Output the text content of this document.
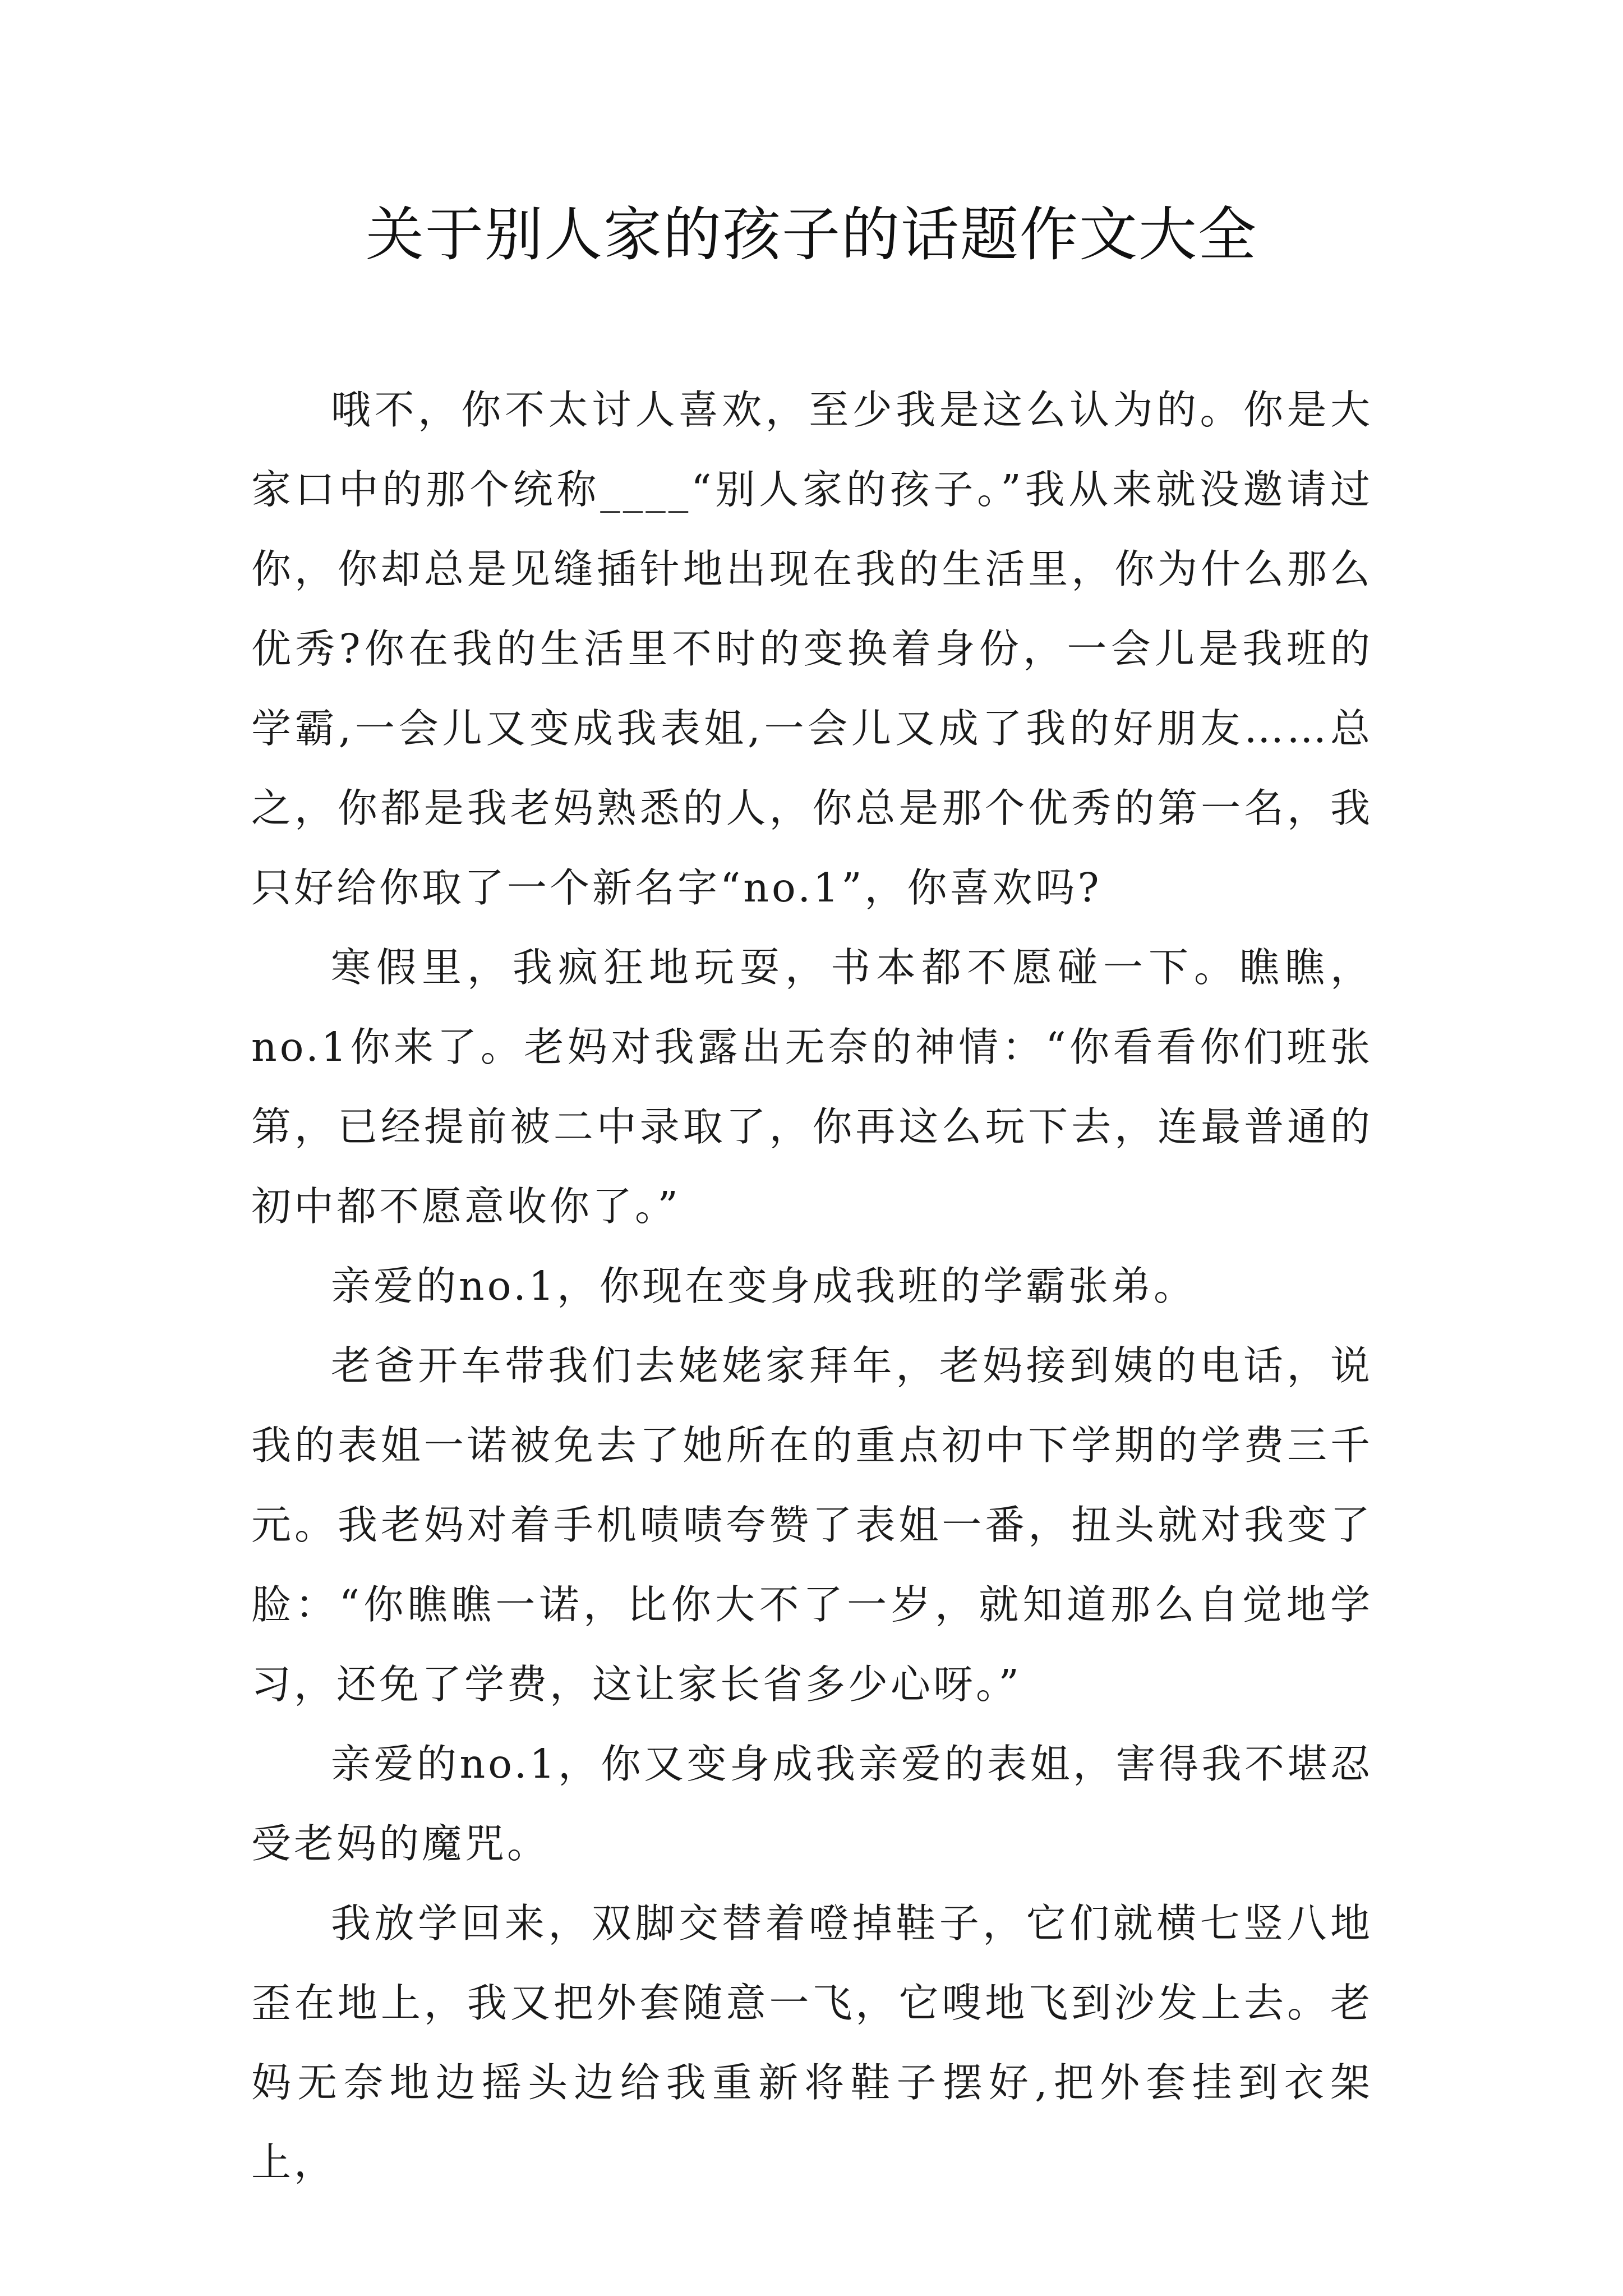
关于别人家的孩子的话题作文大全

哦不，你不太讨人喜欢，至少我是这么认为的。你是大家口中的那个统称____“别人家的孩子。”我从来就没邀请过你，你却总是见缝插针地出现在我的生活里，你为什么那么优秀?你在我的生活里不时的变换着身份，一会儿是我班的学霸,一会儿又变成我表姐,一会儿又成了我的好朋友……总之，你都是我老妈熟悉的人，你总是那个优秀的第一名，我只好给你取了一个新名字“no.1”，你喜欢吗?

寒假里，我疯狂地玩耍，书本都不愿碰一下。瞧瞧，no.1你来了。老妈对我露出无奈的神情：“你看看你们班张第，已经提前被二中录取了，你再这么玩下去，连最普通的初中都不愿意收你了。”

亲爱的no.1，你现在变身成我班的学霸张弟。

老爸开车带我们去姥姥家拜年，老妈接到姨的电话，说我的表姐一诺被免去了她所在的重点初中下学期的学费三千元。我老妈对着手机啧啧夸赞了表姐一番，扭头就对我变了脸：“你瞧瞧一诺，比你大不了一岁，就知道那么自觉地学习，还免了学费，这让家长省多少心呀。”

亲爱的no.1，你又变身成我亲爱的表姐，害得我不堪忍受老妈的魔咒。

我放学回来，双脚交替着噔掉鞋子，它们就横七竖八地歪在地上，我又把外套随意一飞，它嗖地飞到沙发上去。老妈无奈地边摇头边给我重新将鞋子摆好,把外套挂到衣架上，
